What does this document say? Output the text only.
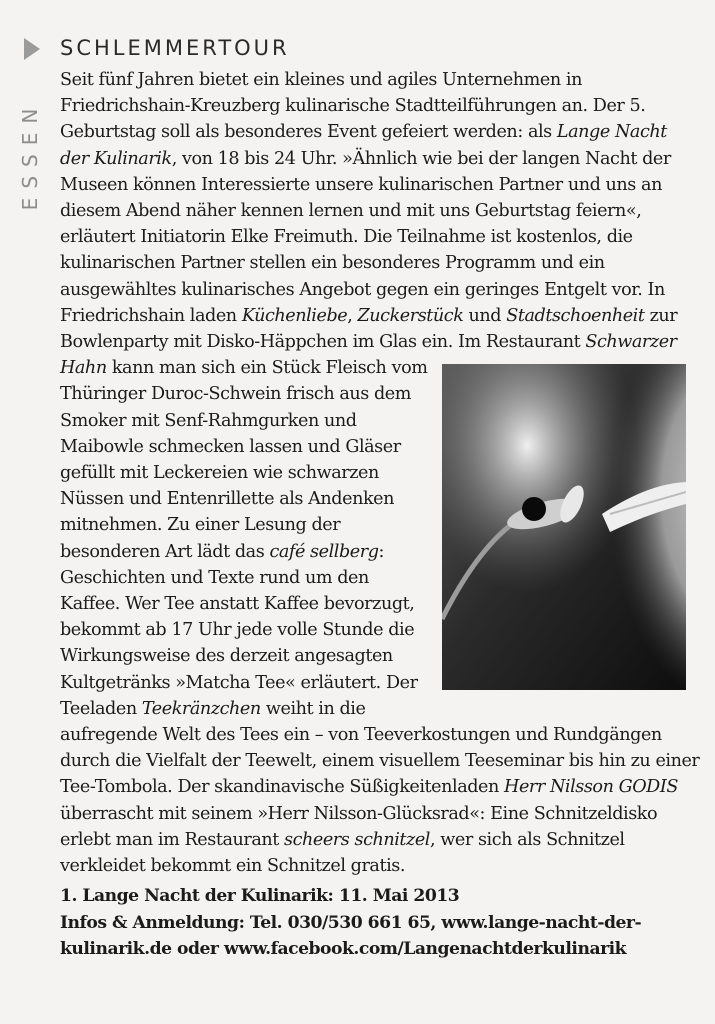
ESSEN
SCHLEMMERTOUR

Seit fünf Jahren bietet ein kleines und agiles Unternehmen in Friedrichshain-Kreuzberg kulinarische Stadtteilführungen an. Der 5. Geburtstag soll als besonderes Event gefeiert werden: als Lange Nacht der Kulinarik, von 18 bis 24 Uhr. »Ähnlich wie bei der langen Nacht der Museen können Interessierte unsere kulinarischen Partner und uns an diesem Abend näher kennen lernen und mit uns Geburtstag feiern«, erläutert Initiatorin Elke Freimuth. Die Teilnahme ist kostenlos, die kulinarischen Partner stellen ein besonderes Programm und ein ausgewähltes kulinarisches Angebot gegen ein geringes Entgelt vor. In Friedrichshain laden Küchenliebe, Zuckerstück und Stadtschoenheit zur Bowlenparty mit Disko-Häppchen im Glas ein. Im Restaurant Schwarzer Hahn
kann man sich ein Stück Fleisch vom Thüringer Duroc-Schwein frisch aus dem Smoker mit Senf-Rahmgurken und Maibowle schmecken lassen und Gläser gefüllt mit Leckereien wie schwarzen Nüssen und Entenrillette als Andenken mitnehmen. Zu einer Lesung der besonderen Art lädt das café sellberg: Geschichten und Texte rund um den Kaffee. Wer Tee anstatt Kaffee bevorzugt, bekommt ab 17 Uhr jede volle Stunde die Wirkungsweise des derzeit angesagten Kultgetränks »Matcha Tee« erläutert. Der Teeladen Teekränzchen weiht in die aufregende Welt des Tees ein – von Teeverkostungen und Rundgängen durch die Vielfalt der Teewelt, einem visuellem Teeseminar bis hin zu einer Tee-Tombola. Der skandinavische Süßigkeitenladen Herr Nilsson GODIS überrascht mit seinem »Herr Nilsson-Glücksrad«: Eine Schnitzeldisko erlebt man im Restaurant scheers schnitzel, wer sich als Schnitzel verkleidet bekommt ein Schnitzel gratis.

1. Lange Nacht der Kulinarik: 11. Mai 2013
Infos & Anmeldung: Tel. 030/530 661 65, www.lange-nacht-der-kulinarik.de oder www.facebook.com/Langenachtderkulinarik
